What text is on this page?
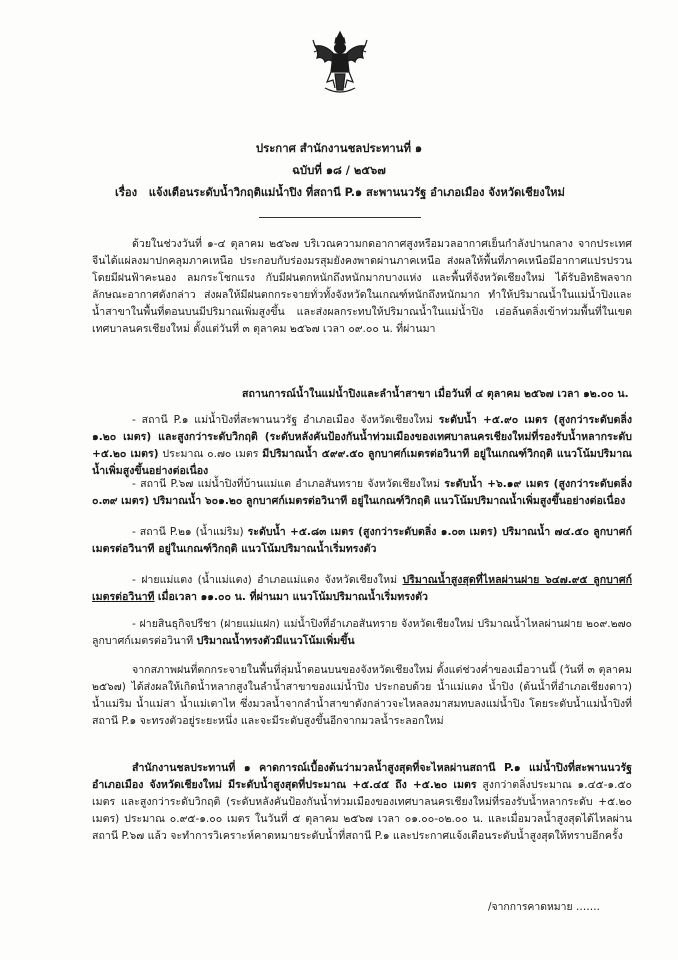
ประกาศ สำนักงานชลประทานที่ ๑
ฉบับที่ ๑๘ / ๒๕๖๗
เรื่อง แจ้งเตือนระดับน้ำวิกฤติแม่น้ำปิง ที่สถานี P.๑ สะพานนวรัฐ อำเภอเมือง จังหวัดเชียงใหม่
ด้วยในช่วงวันที่ ๑-๔ ตุลาคม ๒๕๖๗ บริเวณความกดอากาศสูงหรือมวลอากาศเย็นกำลังปานกลาง จากประเทศจีนได้แผ่ลงมาปกคลุมภาคเหนือ ประกอบกับร่องมรสุมยังคงพาดผ่านภาคเหนือ ส่งผลให้พื้นที่ภาคเหนือมีอากาศแปรปรวน โดยมีฝนฟ้าคะนอง ลมกระโชกแรง กับมีฝนตกหนักถึงหนักมากบางแห่ง และพื้นที่จังหวัดเชียงใหม่ ได้รับอิทธิพลจากลักษณะอากาศดังกล่าว ส่งผลให้มีฝนตกกระจายทั่วทั้งจังหวัดในเกณฑ์หนักถึงหนักมาก ทำให้ปริมาณน้ำในแม่น้ำปิงและน้ำสาขาในพื้นที่ตอนบนมีปริมาณเพิ่มสูงขึ้น และส่งผลกระทบให้ปริมาณน้ำในแม่น้ำปิง เอ่อล้นตลิ่งเข้าท่วมพื้นที่ในเขตเทศบาลนครเชียงใหม่ ตั้งแต่วันที่ ๓ ตุลาคม ๒๕๖๗ เวลา ๐๙.๐๐ น. ที่ผ่านมา
สถานการณ์น้ำในแม่น้ำปิงและลำน้ำสาขา เมื่อวันที่ ๔ ตุลาคม ๒๕๖๗ เวลา ๑๒.๐๐ น.
- สถานี P.๑ แม่น้ำปิงที่สะพานนวรัฐ อำเภอเมือง จังหวัดเชียงใหม่ ระดับน้ำ +๕.๙๐ เมตร (สูงกว่าระดับตลิ่ง ๑.๒๐ เมตร) และสูงกว่าระดับวิกฤติ (ระดับหลังคันป้องกันน้ำท่วมเมืองของเทศบาลนครเชียงใหม่ที่รองรับน้ำหลากระดับ +๕.๒๐ เมตร) ประมาณ ๐.๗๐ เมตร มีปริมาณน้ำ ๕๙๙.๕๐ ลูกบาศก์เมตรต่อวินาที อยู่ในเกณฑ์วิกฤติ แนวโน้มปริมาณน้ำเพิ่มสูงขึ้นอย่างต่อเนื่อง
- สถานี P.๖๗ แม่น้ำปิงที่บ้านแม่แต อำเภอสันทราย จังหวัดเชียงใหม่ ระดับน้ำ +๖.๑๙ เมตร (สูงกว่าระดับตลิ่ง ๐.๓๙ เมตร) ปริมาณน้ำ ๖๐๑.๒๐ ลูกบาศก์เมตรต่อวินาที อยู่ในเกณฑ์วิกฤติ แนวโน้มปริมาณน้ำเพิ่มสูงขึ้นอย่างต่อเนื่อง
- สถานี P.๒๑ (น้ำแม่ริม) ระดับน้ำ +๕.๘๓ เมตร (สูงกว่าระดับตลิ่ง ๑.๐๓ เมตร) ปริมาณน้ำ ๗๔.๕๐ ลูกบาศก์เมตรต่อวินาที อยู่ในเกณฑ์วิกฤติ แนวโน้มปริมาณน้ำเริ่มทรงตัว
- ฝายแม่แตง (น้ำแม่แตง) อำเภอแม่แตง จังหวัดเชียงใหม่ ปริมาณน้ำสูงสุดที่ไหลผ่านฝาย ๖๔๗.๙๕ ลูกบาศก์เมตรต่อวินาที เมื่อเวลา ๑๑.๐๐ น. ที่ผ่านมา แนวโน้มปริมาณน้ำเริ่มทรงตัว
- ฝายสินธุกิจปรีชา (ฝายแม่แฝก) แม่น้ำปิงที่อำเภอสันทราย จังหวัดเชียงใหม่ ปริมาณน้ำไหลผ่านฝาย ๒๐๙.๒๗๐ ลูกบาศก์เมตรต่อวินาที ปริมาณน้ำทรงตัวมีแนวโน้มเพิ่มขึ้น
จากสภาพฝนที่ตกกระจายในพื้นที่ลุ่มน้ำตอนบนของจังหวัดเชียงใหม่ ตั้งแต่ช่วงค่ำของเมื่อวานนี้ (วันที่ ๓ ตุลาคม ๒๕๖๗) ได้ส่งผลให้เกิดน้ำหลากสูงในลำน้ำสาขาของแม่น้ำปิง ประกอบด้วย น้ำแม่แตง น้ำปิง (ต้นน้ำที่อำเภอเชียงดาว) น้ำแม่ริม น้ำแม่สา น้ำแม่เตาไห ซึ่งมวลน้ำจากลำน้ำสาขาดังกล่าวจะไหลลงมาสมทบลงแม่น้ำปิง โดยระดับน้ำแม่น้ำปิงที่สถานี P.๑ จะทรงตัวอยู่ระยะหนึ่ง และจะมีระดับสูงขึ้นอีกจากมวลน้ำระลอกใหม่
สำนักงานชลประทานที่ ๑ คาดการณ์เบื้องต้นว่ามวลน้ำสูงสุดที่จะไหลผ่านสถานี P.๑ แม่น้ำปิงที่สะพานนวรัฐ อำเภอเมือง จังหวัดเชียงใหม่ มีระดับน้ำสูงสุดที่ประมาณ +๕.๔๕ ถึง +๕.๒๐ เมตร สูงกว่าตลิ่งประมาณ ๑.๔๕-๑.๕๐ เมตร และสูงกว่าระดับวิกฤติ (ระดับหลังคันป้องกันน้ำท่วมเมืองของเทศบาลนครเชียงใหม่ที่รองรับน้ำหลากระดับ +๕.๒๐ เมตร) ประมาณ ๐.๙๕-๑.๐๐ เมตร ในวันที่ ๕ ตุลาคม ๒๕๖๗ เวลา ๐๑.๐๐-๐๒.๐๐ น. และเมื่อมวลน้ำสูงสุดได้ไหลผ่านสถานี P.๖๗ แล้ว จะทำการวิเคราะห์คาดหมายระดับน้ำที่สถานี P.๑ และประกาศแจ้งเตือนระดับน้ำสูงสุดให้ทราบอีกครั้ง
/จากการคาดหมาย …….
